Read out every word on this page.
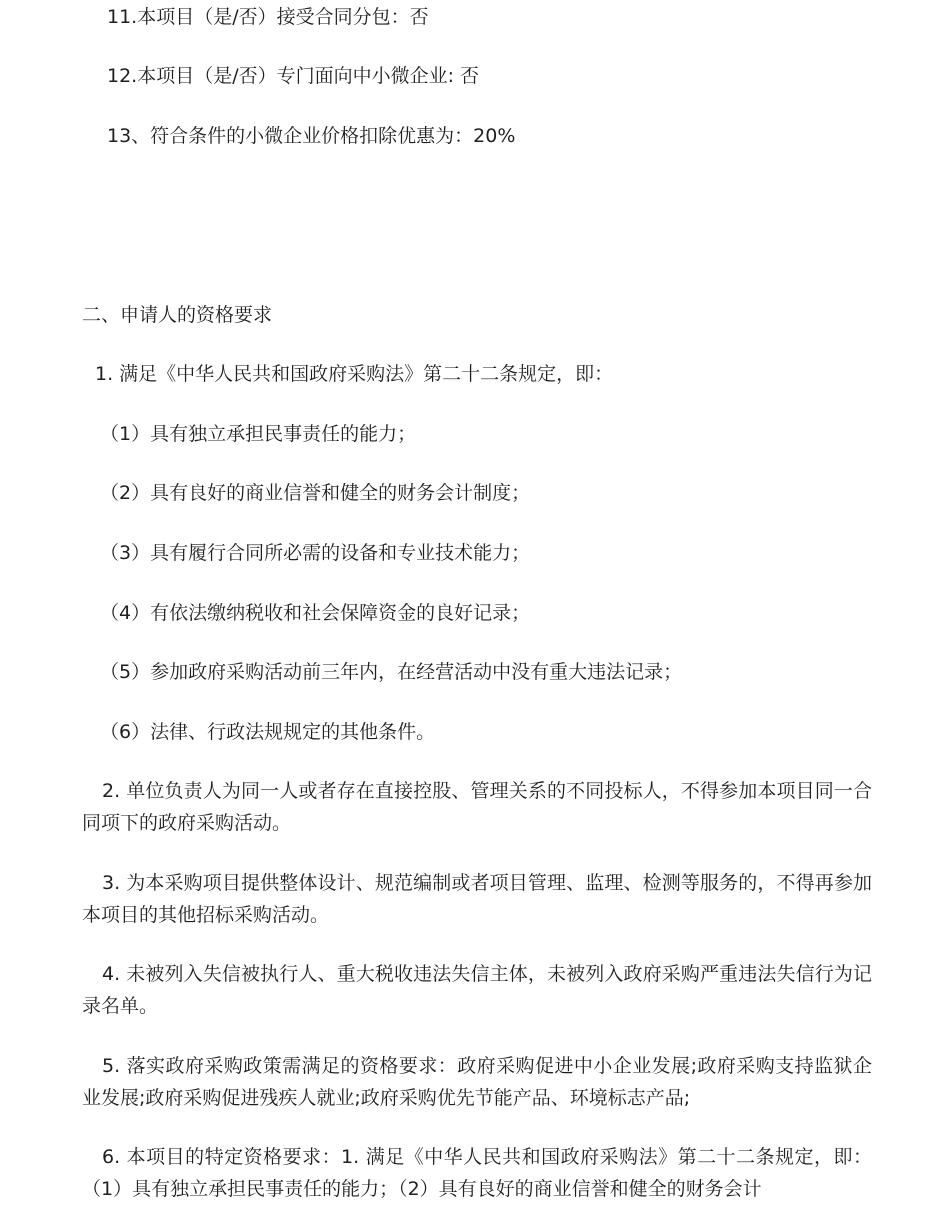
11.本项目（是/否）接受合同分包：否
12.本项目（是/否）专门面向中小微企业: 否
13、符合条件的小微企业价格扣除优惠为：20%
二、申请人的资格要求
1. 满足《中华人民共和国政府采购法》第二十二条规定，即：
（1）具有独立承担民事责任的能力；
（2）具有良好的商业信誉和健全的财务会计制度；
（3）具有履行合同所必需的设备和专业技术能力；
（4）有依法缴纳税收和社会保障资金的良好记录；
（5）参加政府采购活动前三年内，在经营活动中没有重大违法记录；
（6）法律、行政法规规定的其他条件。
2. 单位负责人为同一人或者存在直接控股、管理关系的不同投标人，不得参加本项目同一合同项下的政府采购活动。
3. 为本采购项目提供整体设计、规范编制或者项目管理、监理、检测等服务的，不得再参加本项目的其他招标采购活动。
4. 未被列入失信被执行人、重大税收违法失信主体，未被列入政府采购严重违法失信行为记录名单。
5. 落实政府采购政策需满足的资格要求：政府采购促进中小企业发展;政府采购支持监狱企业发展;政府采购促进残疾人就业;政府采购优先节能产品、环境标志产品;
6. 本项目的特定资格要求：1. 满足《中华人民共和国政府采购法》第二十二条规定，即：（1）具有独立承担民事责任的能力；（2）具有良好的商业信誉和健全的财务会计
